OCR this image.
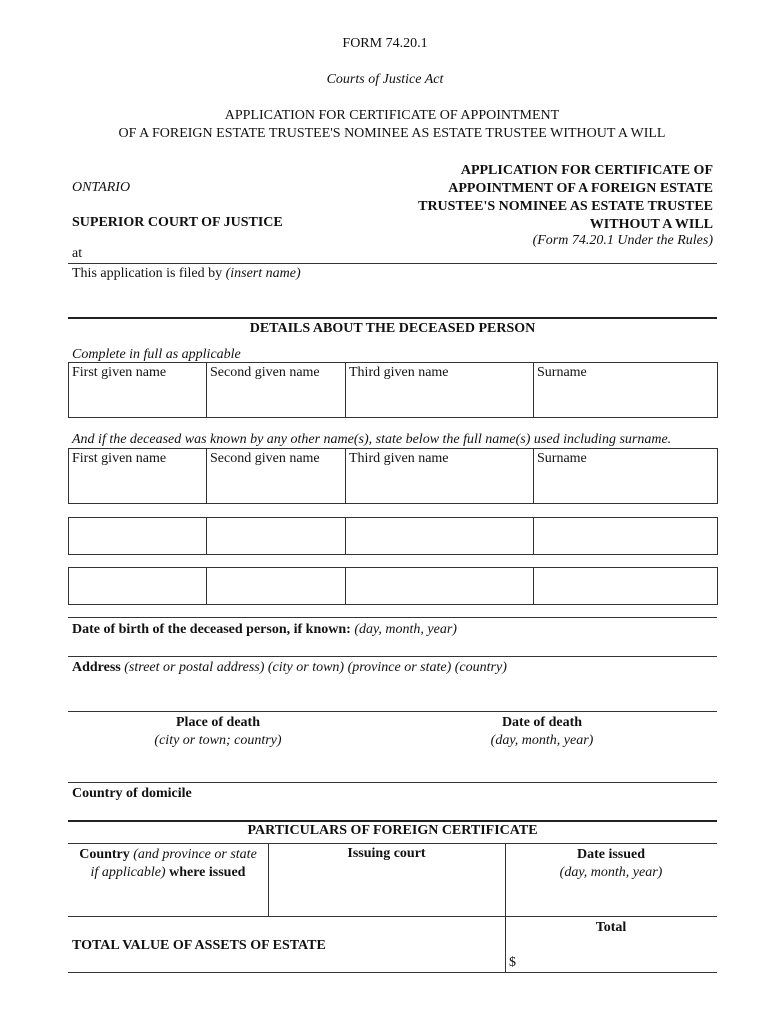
FORM 74.20.1
Courts of Justice Act
APPLICATION FOR CERTIFICATE OF APPOINTMENT
OF A FOREIGN ESTATE TRUSTEE'S NOMINEE AS ESTATE TRUSTEE WITHOUT A WILL
ONTARIO
SUPERIOR COURT OF JUSTICE
APPLICATION FOR CERTIFICATE OF
APPOINTMENT OF A FOREIGN ESTATE
TRUSTEE'S NOMINEE AS ESTATE TRUSTEE
WITHOUT A WILL
(Form 74.20.1 Under the Rules)
at
This application is filed by (insert name)
DETAILS ABOUT THE DECEASED PERSON
Complete in full as applicable
First given name	Second given name	Third given name	Surname
And if the deceased was known by any other name(s), state below the full name(s) used including surname.
First given name	Second given name	Third given name	Surname

Date of birth of the deceased person, if known: (day, month, year)
Address (street or postal address) (city or town) (province or state) (country)
Place of death
(city or town; country)
Date of death
(day, month, year)
Country of domicile
PARTICULARS OF FOREIGN CERTIFICATE
Country (and province or state
if applicable) where issued
Issuing court	Date issued
(day, month, year)
TOTAL VALUE OF ASSETS OF ESTATE
Total
$
